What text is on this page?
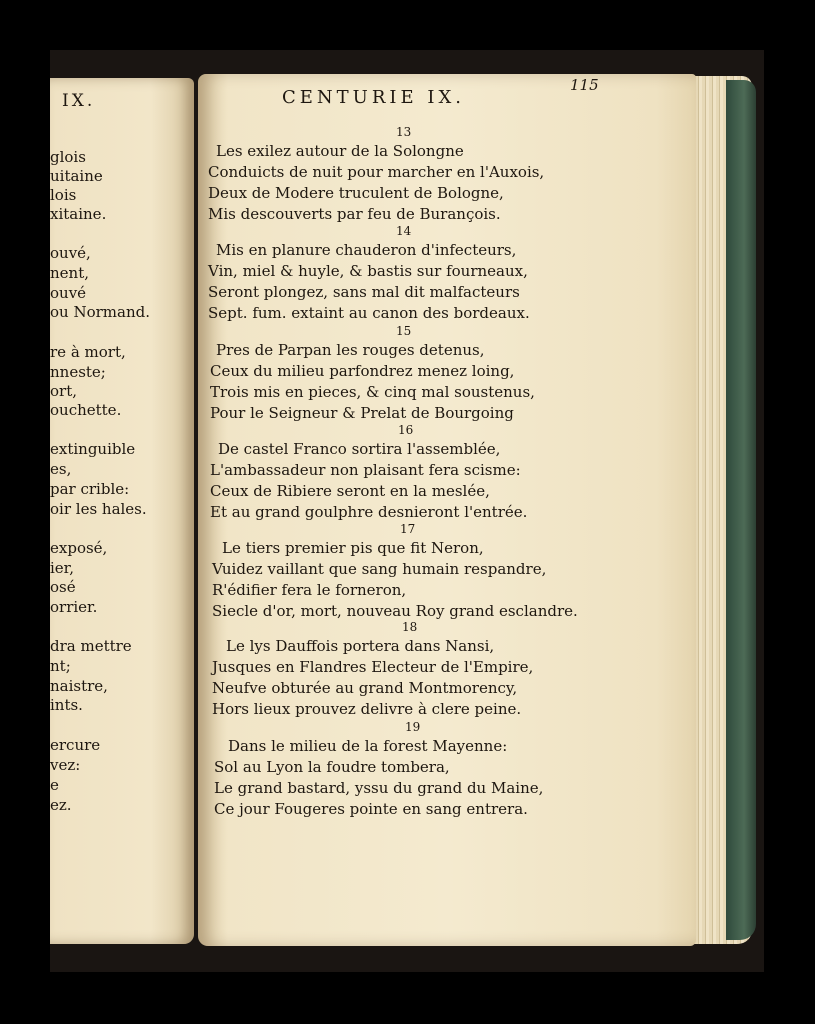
IX.
glois
uitaine
lois
xitaine.
ouvé,
nent,
ouvé
ou Normand.
re à mort,
nneste;
ort,
ouchette.
extinguible
es,
par crible:
oir les hales.
exposé,
ier,
osé
orrier.
dra mettre
nt;
naistre,
ints.
ercure
vez:
e
ez.
CENTURIE IX.
115
13
Les exilez autour de la Solongne
Conduicts de nuit pour marcher en l'Auxois,
Deux de Modere truculent de Bologne,
Mis descouverts par feu de Burançois.
14
Mis en planure chauderon d'infecteurs,
Vin, miel & huyle, & bastis sur fourneaux,
Seront plongez, sans mal dit malfacteurs
Sept. fum. extaint au canon des bordeaux.
15
Pres de Parpan les rouges detenus,
Ceux du milieu parfondrez menez loing,
Trois mis en pieces, & cinq mal soustenus,
Pour le Seigneur & Prelat de Bourgoing
16
De castel Franco sortira l'assemblée,
L'ambassadeur non plaisant fera scisme:
Ceux de Ribiere seront en la meslée,
Et au grand goulphre desnieront l'entrée.
17
Le tiers premier pis que fit Neron,
Vuidez vaillant que sang humain respandre,
R'édifier fera le forneron,
Siecle d'or, mort, nouveau Roy grand esclandre.
18
Le lys Dauffois portera dans Nansi,
Jusques en Flandres Electeur de l'Empire,
Neufve obturée au grand Montmorency,
Hors lieux prouvez delivre à clere peine.
19
Dans le milieu de la forest Mayenne:
Sol au Lyon la foudre tombera,
Le grand bastard, yssu du grand du Maine,
Ce jour Fougeres pointe en sang entrera.
